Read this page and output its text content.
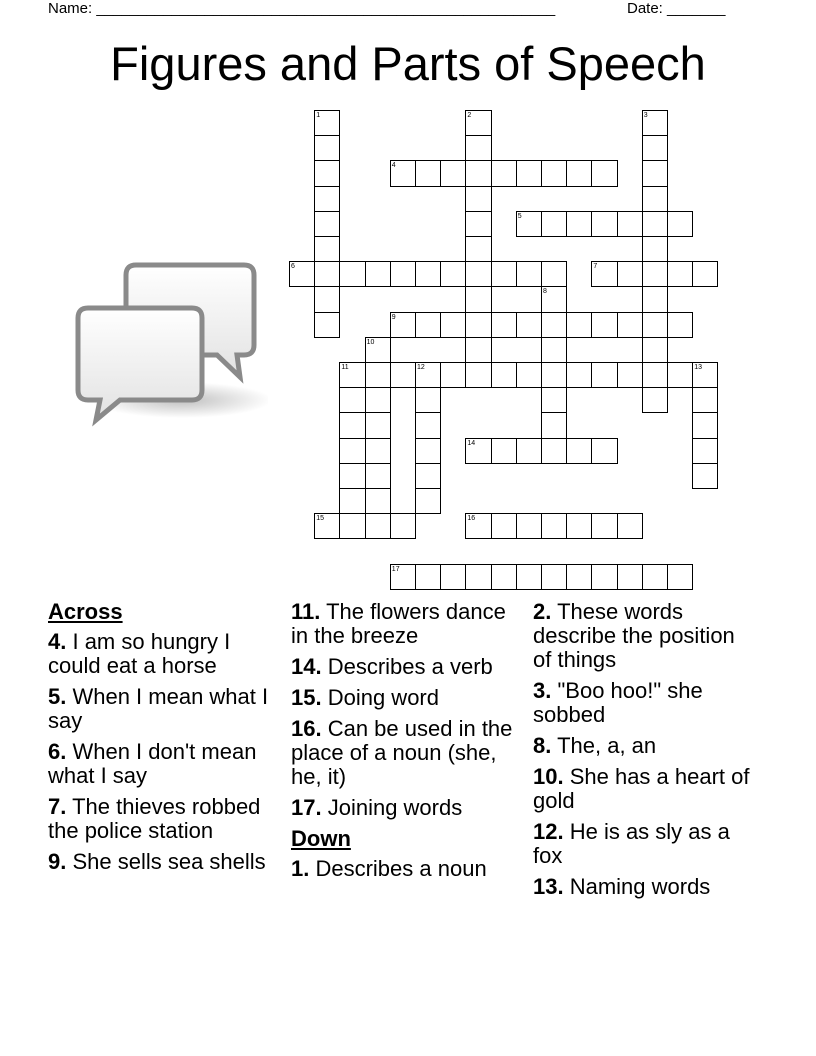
Name: _______________________________________________________	Date: _______
Figures and Parts of Speech
1	2	3
4
5
6	7
8
9
10
11	12	13
14
15	16
17
Across
4. I am so hungry I could eat a horse
5. When I mean what I say
6. When I don't mean what I say
7. The thieves robbed the police station
9. She sells sea shells
11. The flowers dance in the breeze
14. Describes a verb
15. Doing word
16. Can be used in the place of a noun (she, he, it)
17. Joining words
Down
1. Describes a noun
2. These words describe the position of things
3. "Boo hoo!" she sobbed
8. The, a, an
10. She has a heart of gold
12. He is as sly as a fox
13. Naming words
